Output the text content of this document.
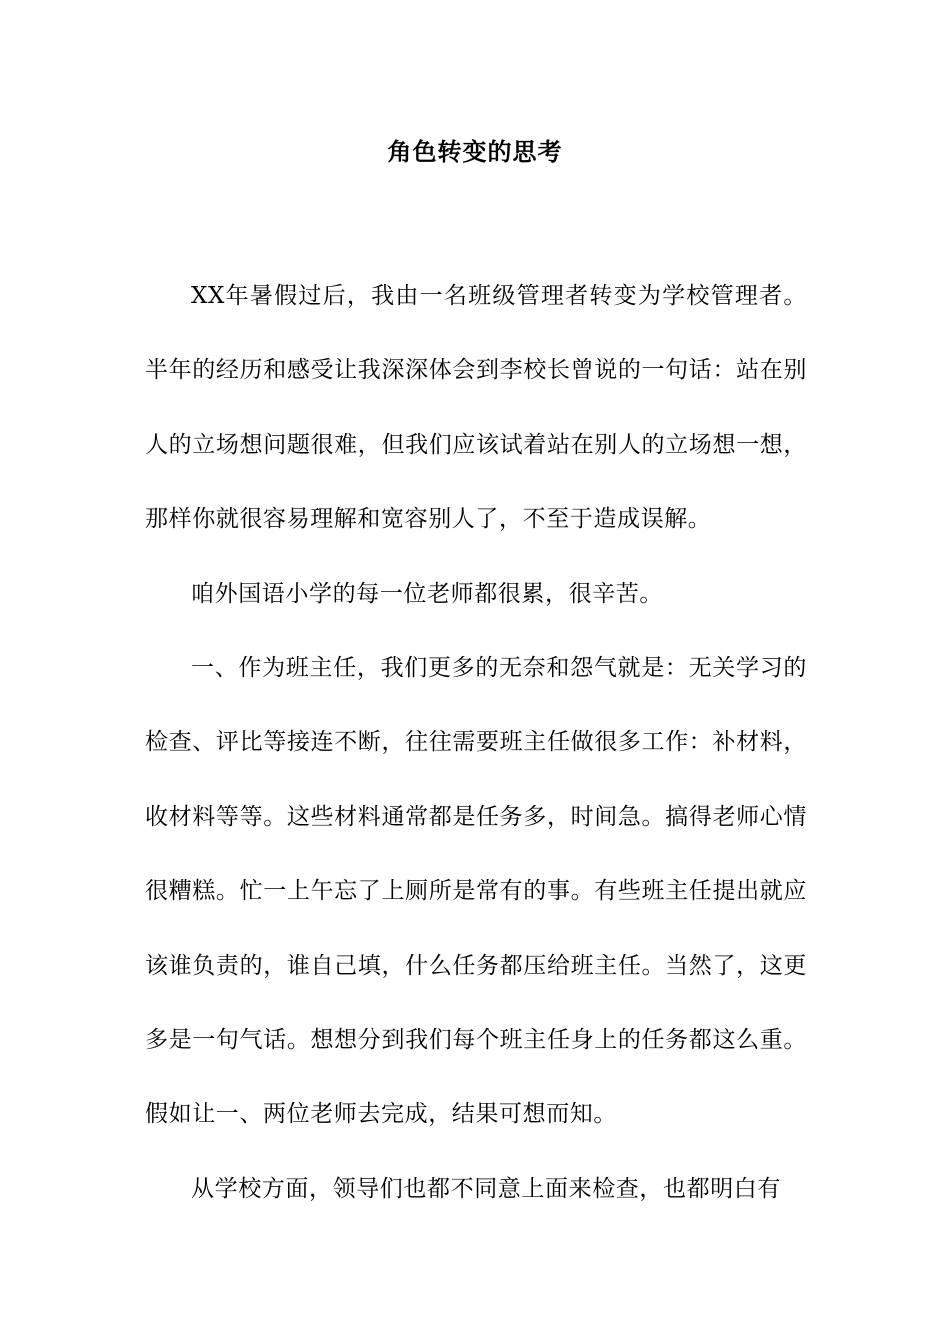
角色转变的思考

XX年暑假过后，我由一名班级管理者转变为学校管理者。半年的经历和感受让我深深体会到李校长曾说的一句话：站在别人的立场想问题很难，但我们应该试着站在别人的立场想一想，那样你就很容易理解和宽容别人了，不至于造成误解。

咱外国语小学的每一位老师都很累，很辛苦。

一、作为班主任，我们更多的无奈和怨气就是：无关学习的检查、评比等接连不断，往往需要班主任做很多工作：补材料，收材料等等。这些材料通常都是任务多，时间急。搞得老师心情很糟糕。忙一上午忘了上厕所是常有的事。有些班主任提出就应该谁负责的，谁自己填，什么任务都压给班主任。当然了，这更多是一句气话。想想分到我们每个班主任身上的任务都这么重。假如让一、两位老师去完成，结果可想而知。

从学校方面，领导们也都不同意上面来检查，也都明白有
